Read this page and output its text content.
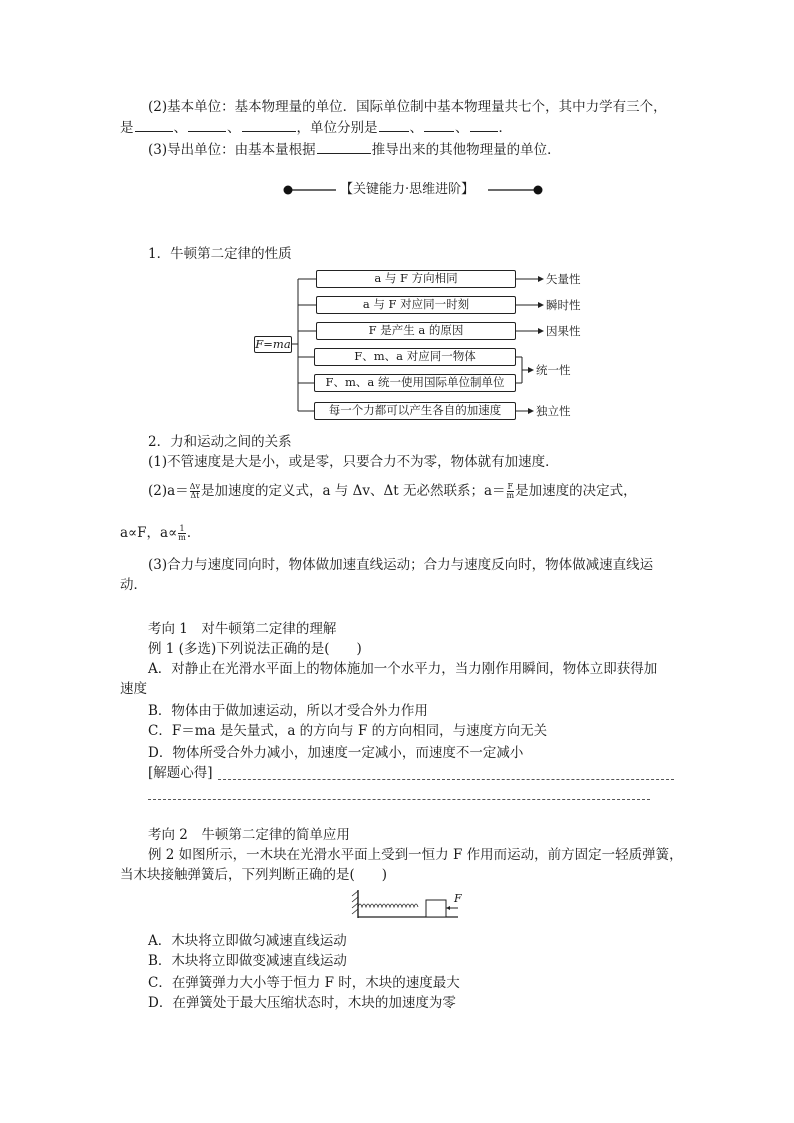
(2)基本单位：基本物理量的单位．国际单位制中基本物理量共七个，其中力学有三个，
是	、	、	，单位分别是 、 、 ．
(3)导出单位：由基本量根据	推导出来的其他物理量的单位．
【关键能力·思维进阶】
1．牛顿第二定律的性质
F=ma
a 与 F 方向相同
a 与 F 对应同一时刻
F 是产生 a 的原因
F、m、a 对应同一物体
F、m、a 统一使用国际单位制单位
每一个力都可以产生各自的加速度
矢量性
瞬时性
因果性
统一性
独立性
2．力和运动之间的关系
(1)不管速度是大是小，或是零，只要合力不为零，物体就有加速度．
$(2)a= \frac{\Delta v}{\Delta t}$ 是加速度的定义式，a 与 Δv、Δt 无必然联系；$a= \frac{F}{m}$ 是加速度的决定式，
a∝F，$a\propto \frac{1}{m}$ ．
(3)合力与速度同向时，物体做加速直线运动；合力与速度反向时，物体做减速直线运
动．
考向 1　对牛顿第二定律的理解
例 1 (多选)下列说法正确的是(　　)
A．对静止在光滑水平面上的物体施加一个水平力，当力刚作用瞬间，物体立即获得加
速度
B．物体由于做加速运动，所以才受合外力作用
C．F＝ma 是矢量式，a 的方向与 F 的方向相同，与速度方向无关
D．物体所受合外力减小，加速度一定减小，而速度不一定减小
[解题心得]
考向 2　牛顿第二定律的简单应用
例 2 如图所示，一木块在光滑水平面上受到一恒力 F 作用而运动，前方固定一轻质弹簧，
当木块接触弹簧后，下列判断正确的是(　　)
F
A．木块将立即做匀减速直线运动
B．木块将立即做变减速直线运动
C．在弹簧弹力大小等于恒力 F 时，木块的速度最大
D．在弹簧处于最大压缩状态时，木块的加速度为零
